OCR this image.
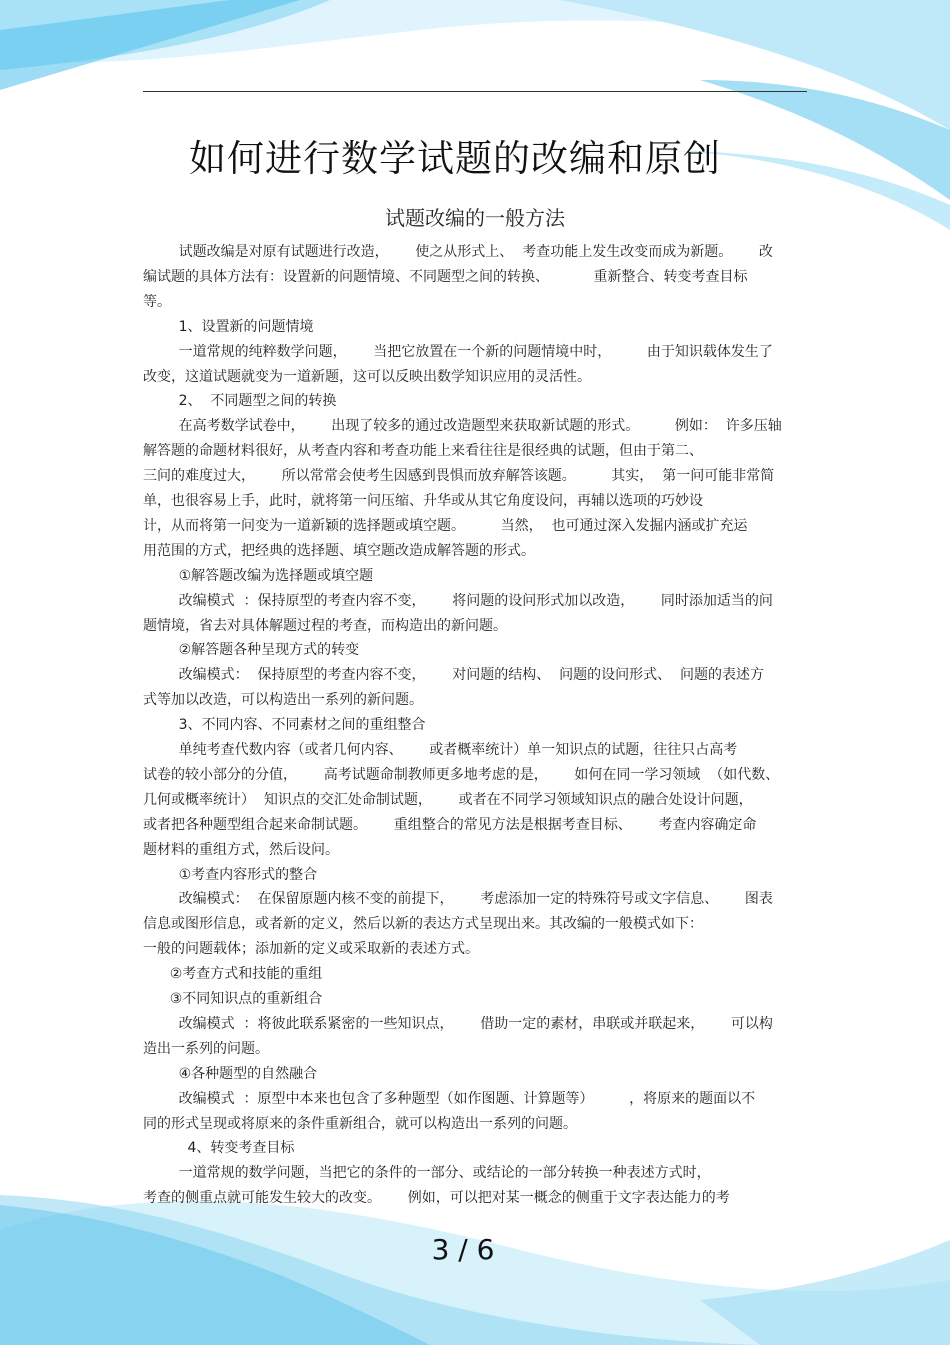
如何进行数学试题的改编和原创
试题改编的一般方法
试题改编是对原有试题进行改造，      使之从形式上、  考查功能上发生改变而成为新题。      改
编试题的具体方法有：设置新的问题情境、不同题型之间的转换、          重新整合、转变考查目标
等。
1、设置新的问题情境
一道常规的纯粹数学问题，      当把它放置在一个新的问题情境中时，        由于知识载体发生了
改变，这道试题就变为一道新题，这可以反映出数学知识应用的灵活性。
2、  不同题型之间的转换
在高考数学试卷中，      出现了较多的通过改造题型来获取新试题的形式。        例如：  许多压轴
解答题的命题材料很好，从考查内容和考查功能上来看往往是很经典的试题，但由于第二、
三问的难度过大，      所以常常会使考生因感到畏惧而放弃解答该题。        其实，  第一问可能非常简
单，也很容易上手，此时，就将第一问压缩、升华或从其它角度设问，再辅以选项的巧妙设
计，从而将第一问变为一道新颖的选择题或填空题。        当然，  也可通过深入发掘内涵或扩充运
用范围的方式，把经典的选择题、填空题改造成解答题的形式。
①解答题改编为选择题或填空题
改编模式  ：保持原型的考查内容不变，      将问题的设问形式加以改造，      同时添加适当的问
题情境，省去对具体解题过程的考查，而构造出的新问题。
②解答题各种呈现方式的转变
改编模式：  保持原型的考查内容不变，      对问题的结构、  问题的设问形式、  问题的表述方
式等加以改造，可以构造出一系列的新问题。
3、不同内容、不同素材之间的重组整合
单纯考查代数内容（或者几何内容、      或者概率统计）单一知识点的试题，往往只占高考
试卷的较小部分的分值，      高考试题命制教师更多地考虑的是，      如何在同一学习领域  （如代数、
几何或概率统计）  知识点的交汇处命制试题，      或者在不同学习领域知识点的融合处设计问题，
或者把各种题型组合起来命制试题。      重组整合的常见方法是根据考查目标、      考查内容确定命
题材料的重组方式，然后设问。
①考查内容形式的整合
改编模式：  在保留原题内核不变的前提下，      考虑添加一定的特殊符号或文字信息、      图表
信息或图形信息，或者新的定义，然后以新的表达方式呈现出来。其改编的一般模式如下：
一般的问题载体；添加新的定义或采取新的表述方式。
②考查方式和技能的重组
③不同知识点的重新组合
改编模式  ：将彼此联系紧密的一些知识点，      借助一定的素材，串联或并联起来，      可以构
造出一系列的问题。
④各种题型的自然融合
改编模式  ：原型中本来也包含了多种题型（如作图题、计算题等）        ，将原来的题面以不
同的形式呈现或将原来的条件重新组合，就可以构造出一系列的问题。
4、转变考查目标
一道常规的数学问题，当把它的条件的一部分、或结论的一部分转换一种表述方式时，
考查的侧重点就可能发生较大的改变。      例如，可以把对某一概念的侧重于文字表达能力的考
3 / 6
